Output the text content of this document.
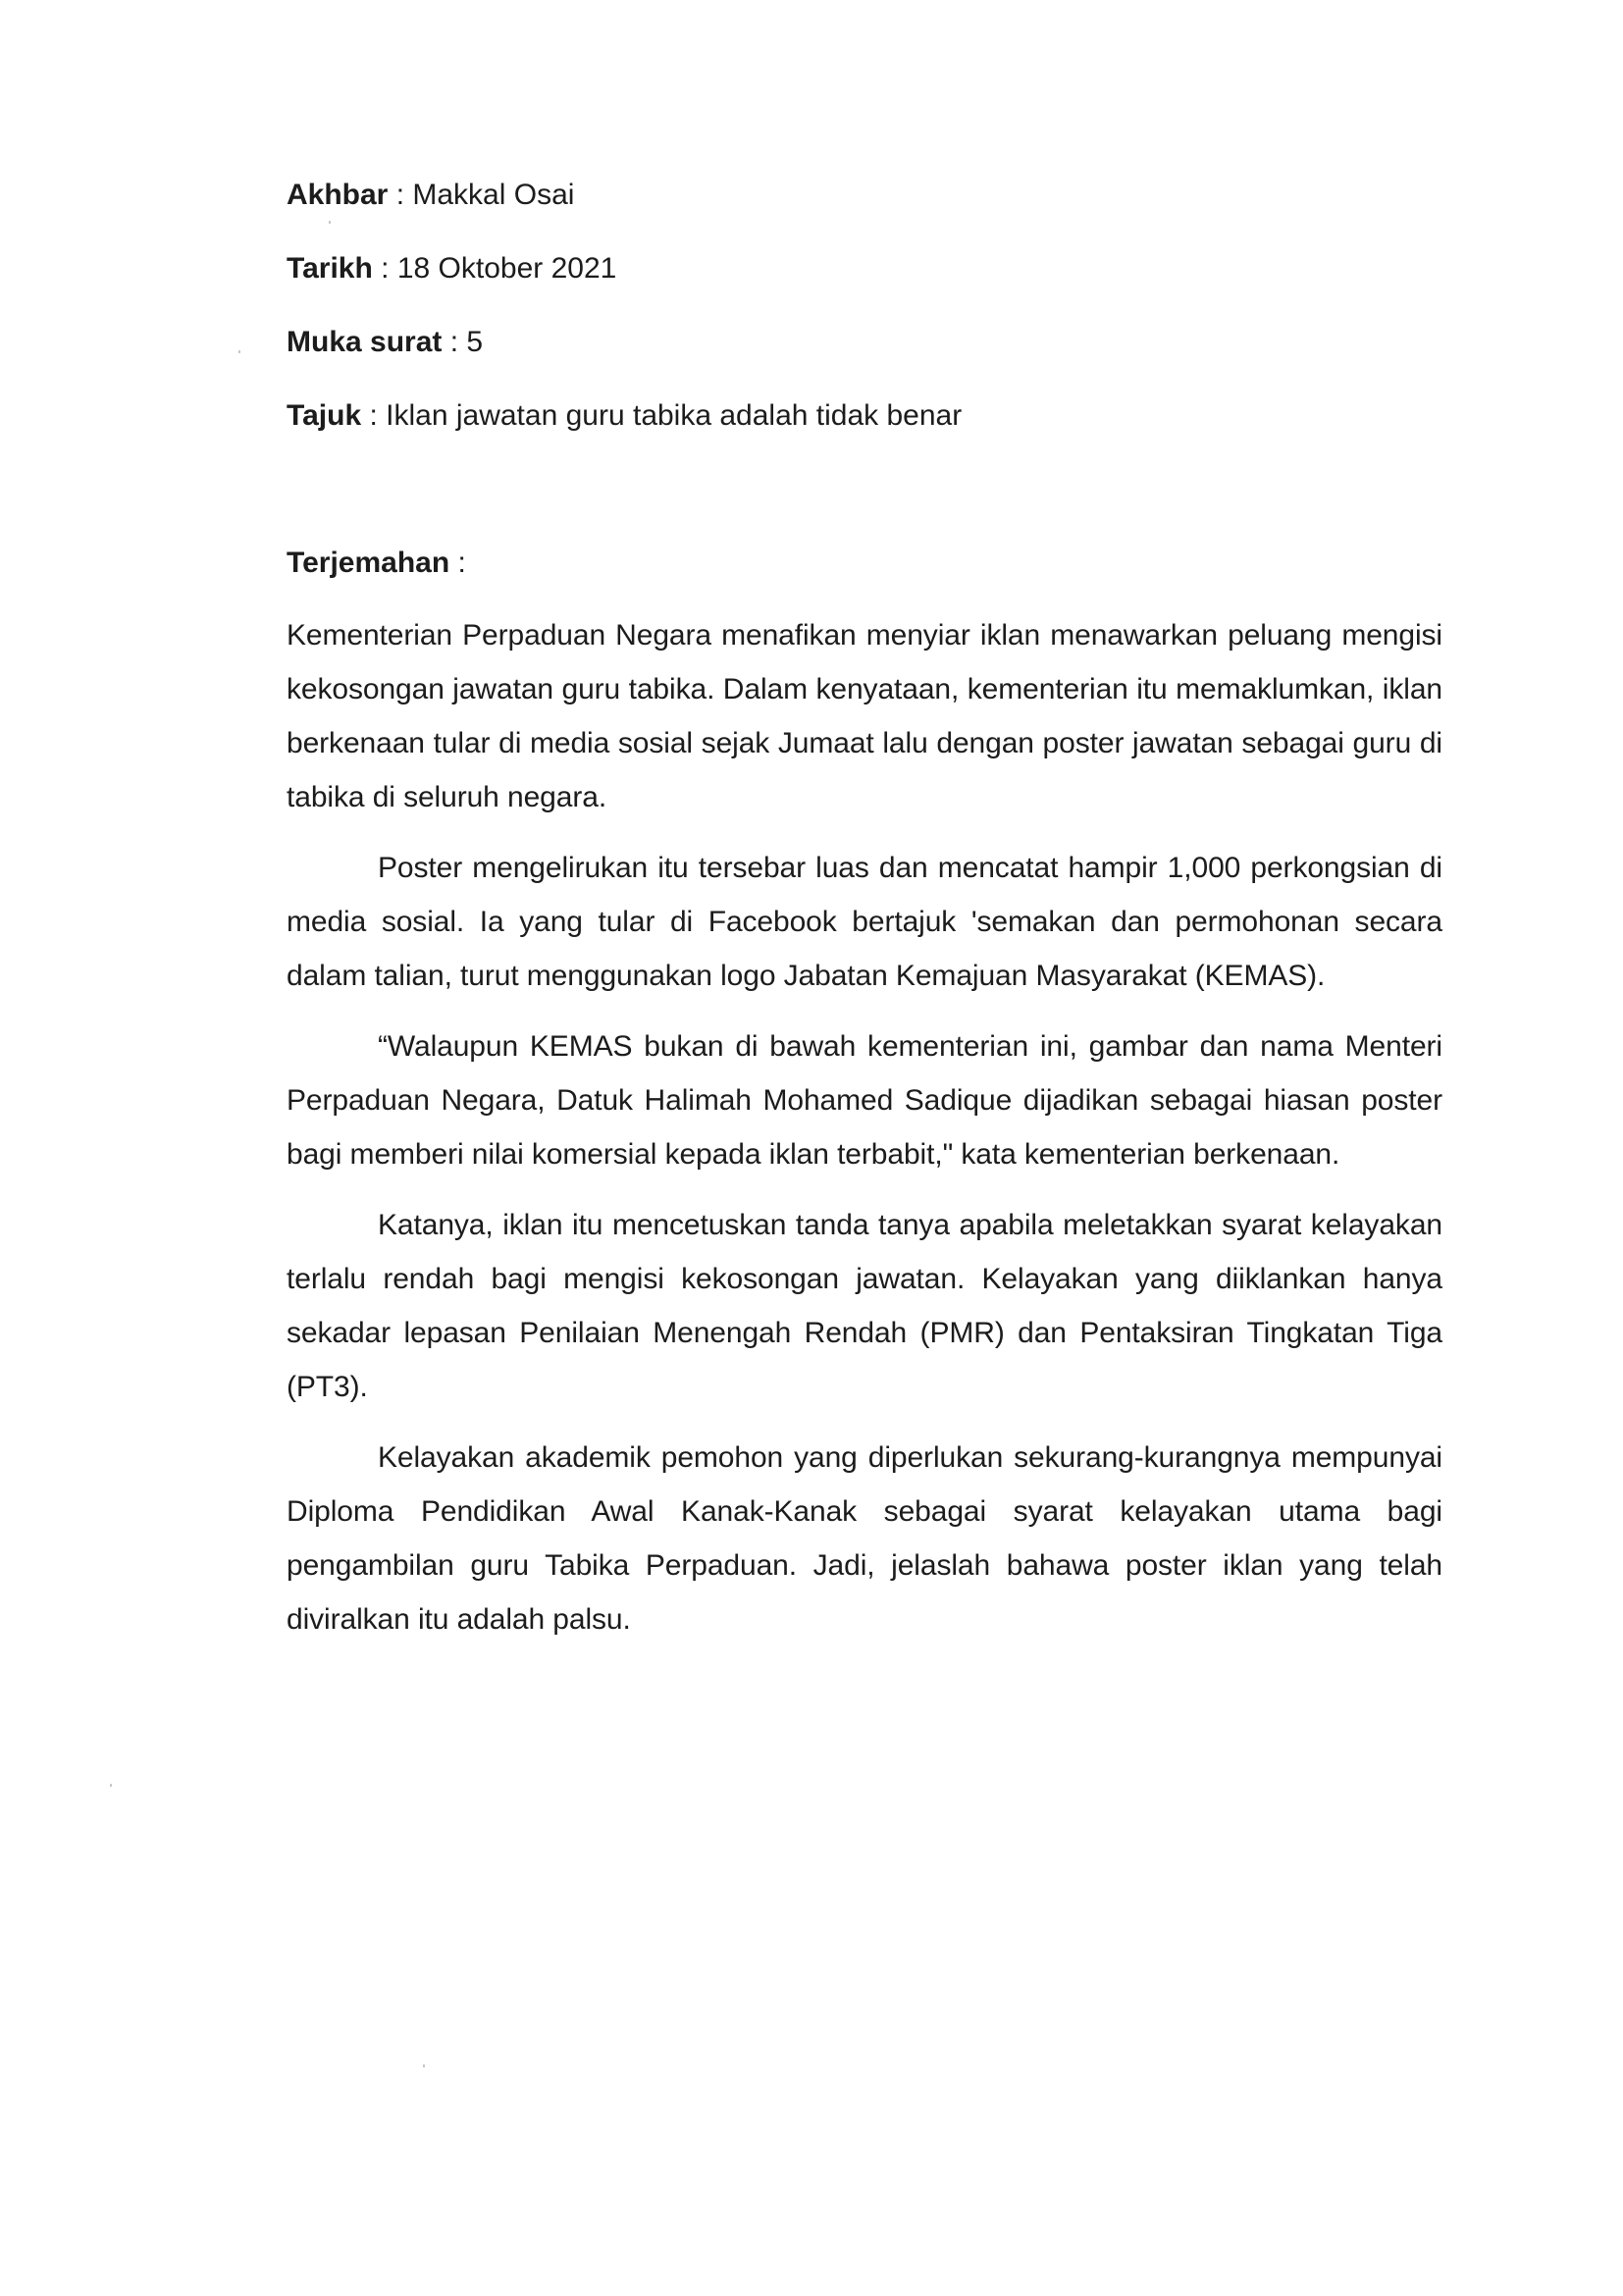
Akhbar : Makkal Osai
Tarikh : 18 Oktober 2021
Muka surat : 5
Tajuk : Iklan jawatan guru tabika adalah tidak benar
Terjemahan :

Kementerian Perpaduan Negara menafikan menyiar iklan menawarkan peluang mengisi kekosongan jawatan guru tabika. Dalam kenyataan, kementerian itu memaklumkan, iklan berkenaan tular di media sosial sejak Jumaat lalu dengan poster jawatan sebagai guru di tabika di seluruh negara.

Poster mengelirukan itu tersebar luas dan mencatat hampir 1,000 perkongsian di media sosial. Ia yang tular di Facebook bertajuk 'semakan dan permohonan secara dalam talian, turut menggunakan logo Jabatan Kemajuan Masyarakat (KEMAS).

“Walaupun KEMAS bukan di bawah kementerian ini, gambar dan nama Menteri Perpaduan Negara, Datuk Halimah Mohamed Sadique dijadikan sebagai hiasan poster bagi memberi nilai komersial kepada iklan terbabit," kata kementerian berkenaan.

Katanya, iklan itu mencetuskan tanda tanya apabila meletakkan syarat kelayakan terlalu rendah bagi mengisi kekosongan jawatan. Kelayakan yang diiklankan hanya sekadar lepasan Penilaian Menengah Rendah (PMR) dan Pentaksiran Tingkatan Tiga (PT3).

Kelayakan akademik pemohon yang diperlukan sekurang-kurangnya mempunyai Diploma Pendidikan Awal Kanak-Kanak sebagai syarat kelayakan utama bagi pengambilan guru Tabika Perpaduan. Jadi, jelaslah bahawa poster iklan yang telah diviralkan itu adalah palsu.
